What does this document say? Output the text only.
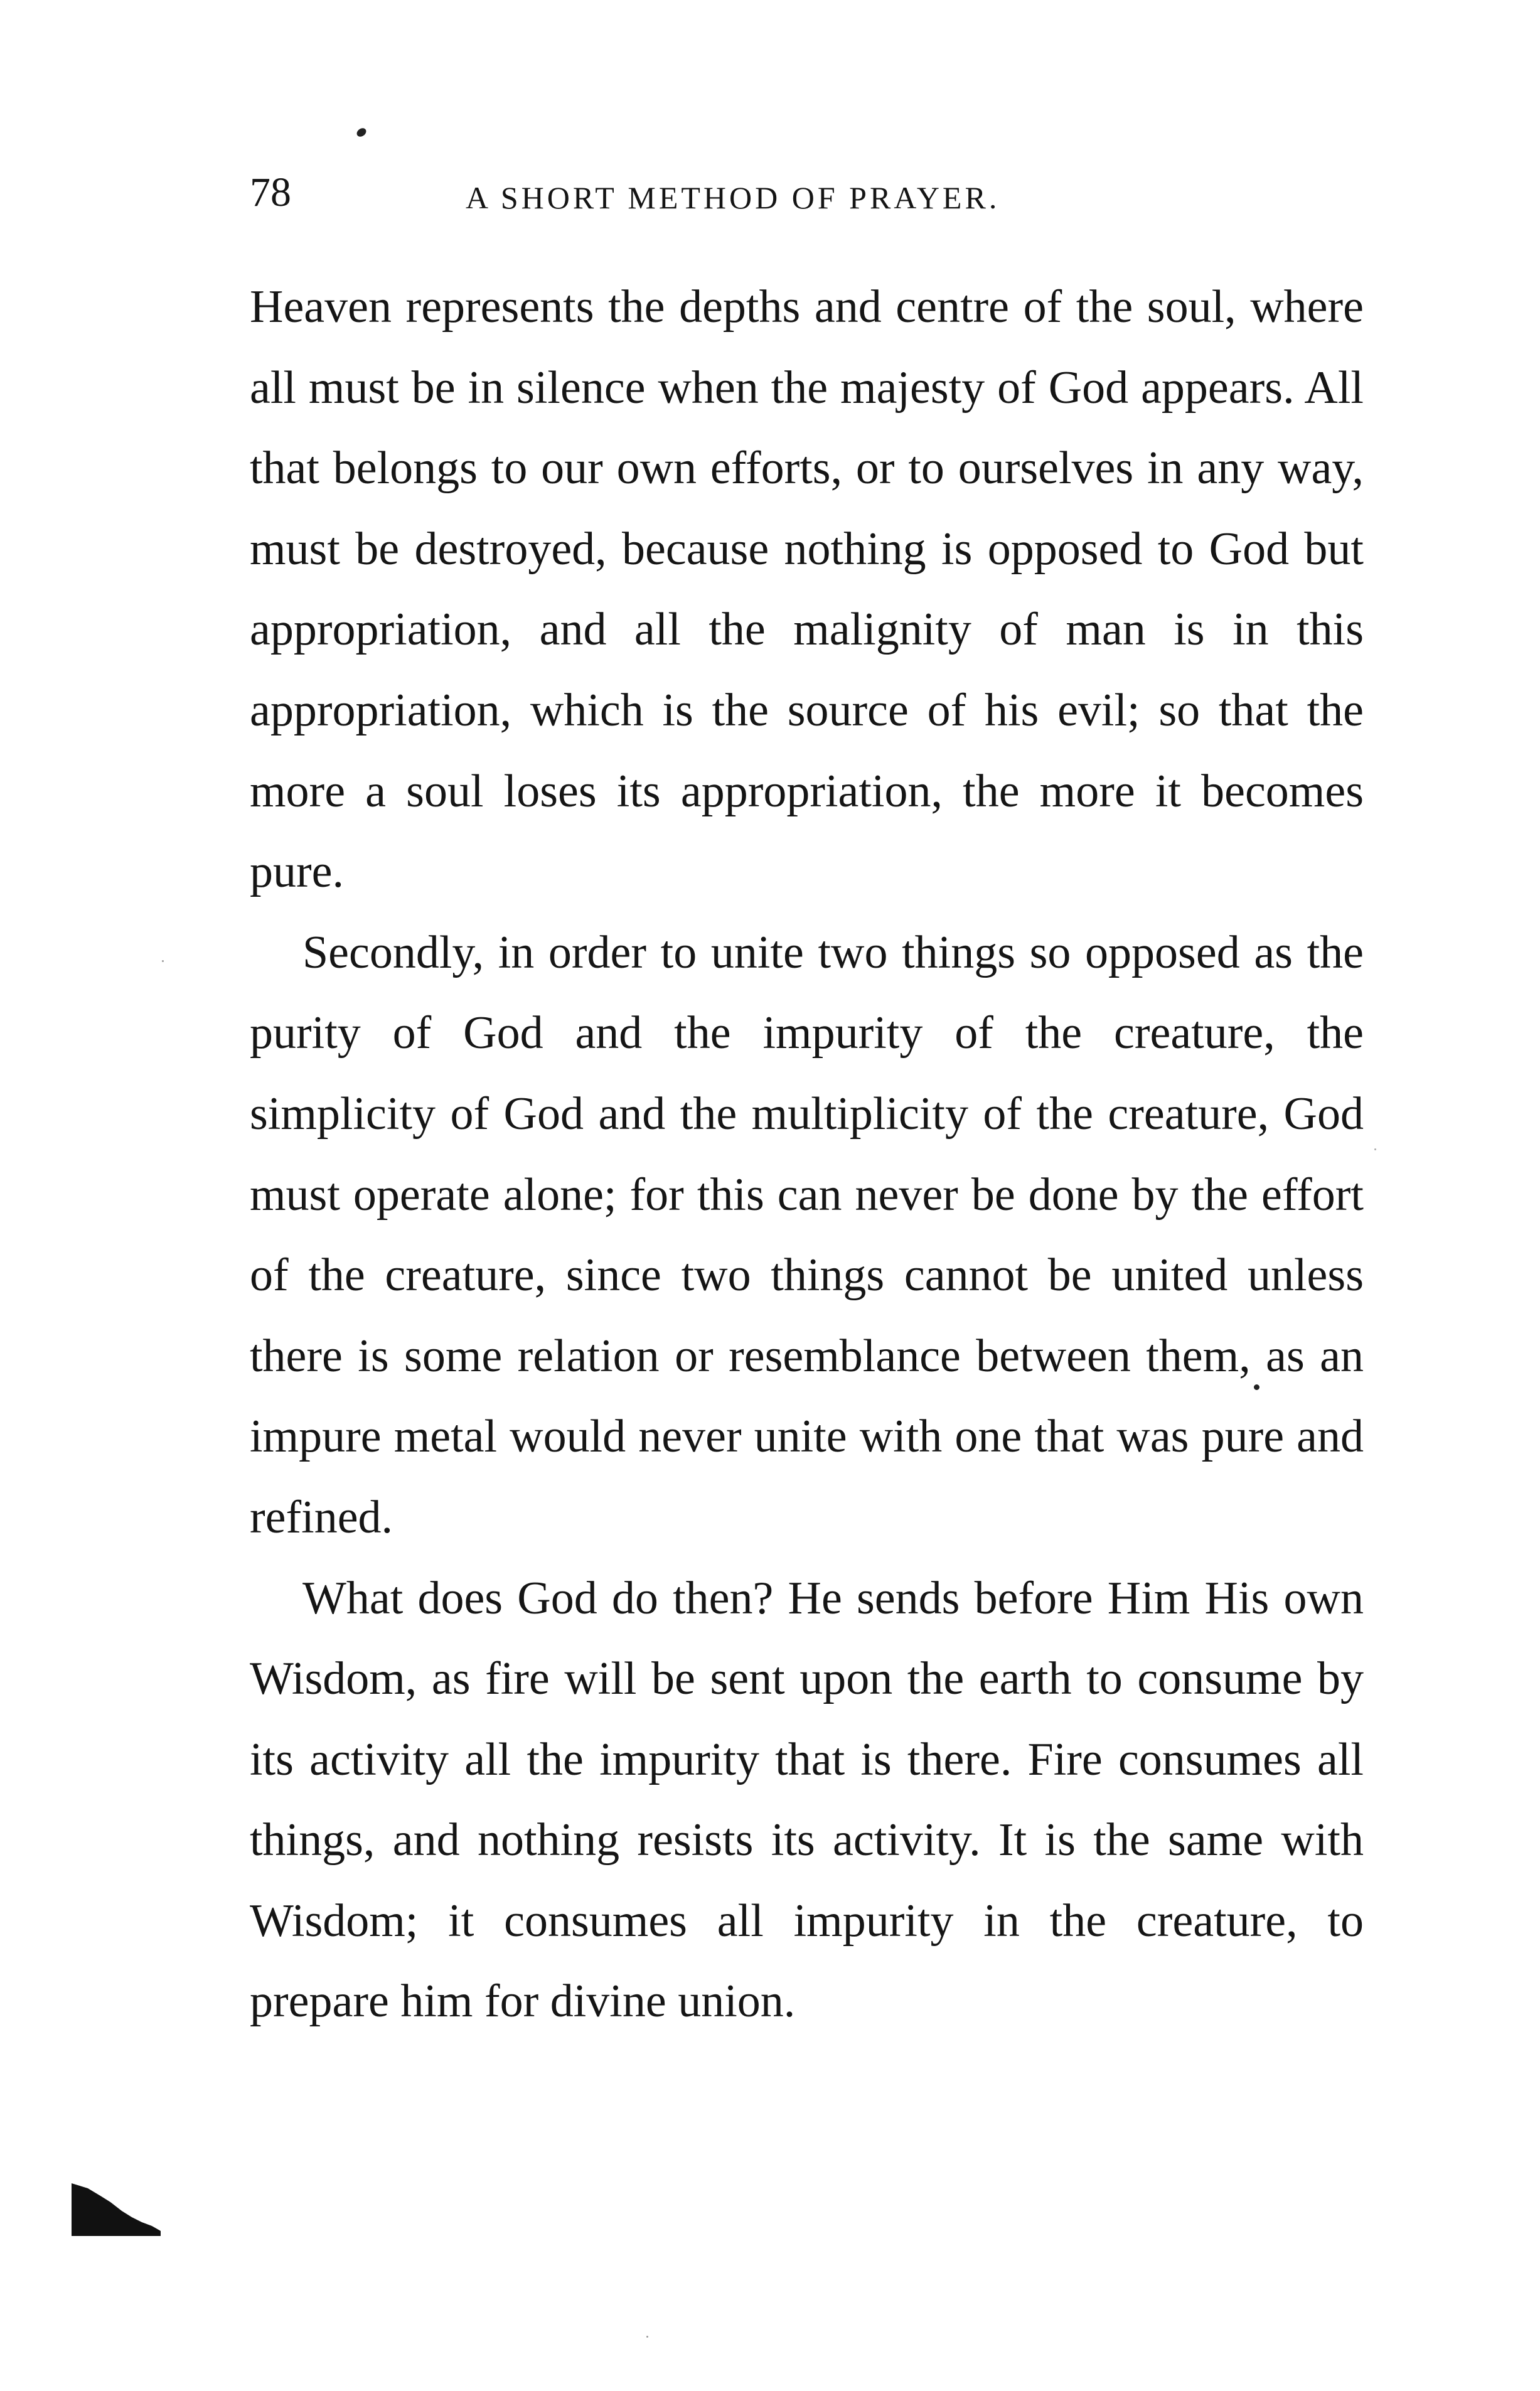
78	A SHORT METHOD OF PRAYER.

Heaven represents the depths and centre of the soul, where all must be in silence when the majesty of God appears. All that belongs to our own efforts, or to ourselves in any way, must be destroyed, because nothing is opposed to God but appropriation, and all the malignity of man is in this appropriation, which is the source of his evil; so that the more a soul loses its appropriation, the more it becomes pure.

Secondly, in order to unite two things so opposed as the purity of God and the impurity of the creature, the simplicity of God and the multiplicity of the creature, God must operate alone; for this can never be done by the effort of the creature, since two things cannot be united unless there is some relation or resemblance between them, as an impure metal would never unite with one that was pure and refined.

What does God do then? He sends before Him His own Wisdom, as fire will be sent upon the earth to consume by its activity all the impurity that is there. Fire consumes all things, and nothing resists its activity. It is the same with Wisdom; it consumes all impurity in the creature, to prepare him for divine union.
